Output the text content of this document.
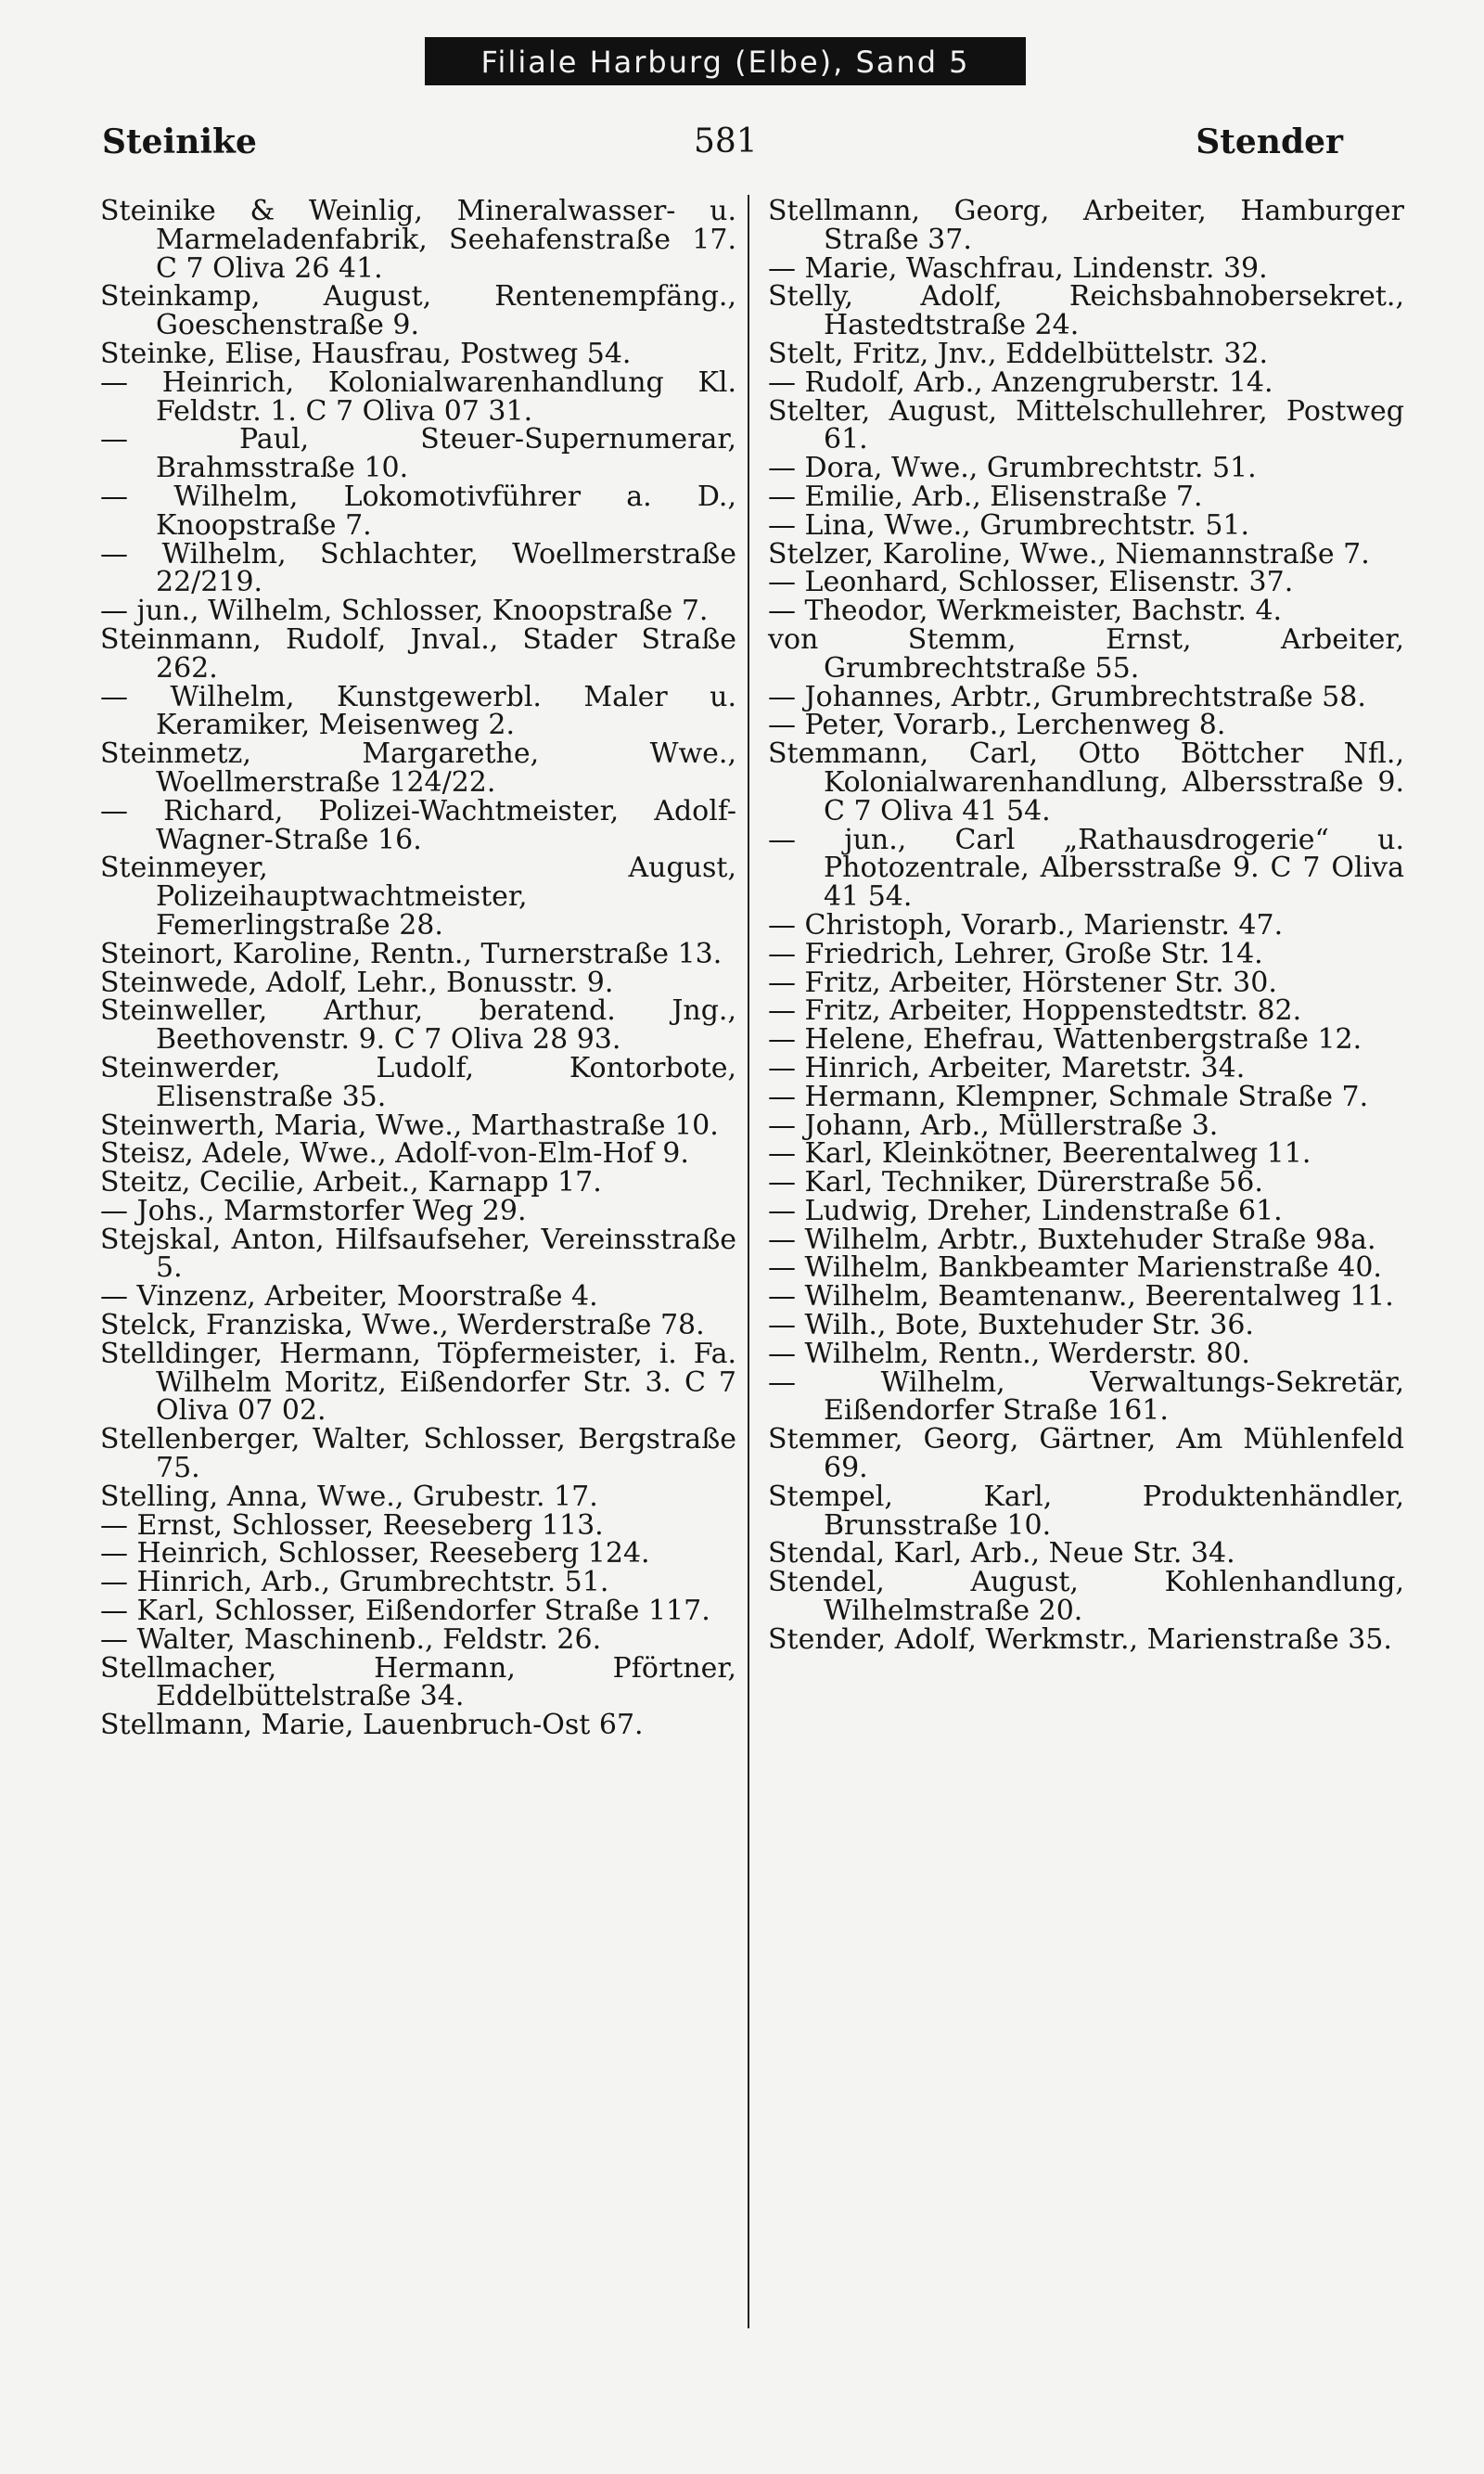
Filiale Harburg (Elbe), Sand 5
Steinike	581	Stender

Steinike & Weinlig, Mineralwasser- u. Marmeladenfabrik, Seehafenstraße 17. C 7 Oliva 26 41.

Steinkamp, August, Rentenempfäng., Goeschenstraße 9.

Steinke, Elise, Hausfrau, Postweg 54.

— Heinrich, Kolonialwarenhandlung Kl. Feldstr. 1. C 7 Oliva 07 31.

— Paul, Steuer-Supernumerar, Brahmsstraße 10.

— Wilhelm, Lokomotivführer a. D., Knoopstraße 7.

— Wilhelm, Schlachter, Woellmerstraße 22/219.

— jun., Wilhelm, Schlosser, Knoopstraße 7.

Steinmann, Rudolf, Jnval., Stader Straße 262.

— Wilhelm, Kunstgewerbl. Maler u. Keramiker, Meisenweg 2.

Steinmetz, Margarethe, Wwe., Woellmerstraße 124/22.

— Richard, Polizei-Wachtmeister, Adolf-Wagner-Straße 16.

Steinmeyer, August, Polizeihauptwachtmeister, Femerlingstraße 28.

Steinort, Karoline, Rentn., Turnerstraße 13.

Steinwede, Adolf, Lehr., Bonusstr. 9.

Steinweller, Arthur, beratend. Jng., Beethovenstr. 9. C 7 Oliva 28 93.

Steinwerder, Ludolf, Kontorbote, Elisenstraße 35.

Steinwerth, Maria, Wwe., Marthastraße 10.

Steisz, Adele, Wwe., Adolf-von-Elm-Hof 9.

Steitz, Cecilie, Arbeit., Karnapp 17.

— Johs., Marmstorfer Weg 29.

Stejskal, Anton, Hilfsaufseher, Vereinsstraße 5.

— Vinzenz, Arbeiter, Moorstraße 4.

Stelck, Franziska, Wwe., Werderstraße 78.

Stelldinger, Hermann, Töpfermeister, i. Fa. Wilhelm Moritz, Eißendorfer Str. 3. C 7 Oliva 07 02.

Stellenberger, Walter, Schlosser, Bergstraße 75.

Stelling, Anna, Wwe., Grubestr. 17.

— Ernst, Schlosser, Reeseberg 113.

— Heinrich, Schlosser, Reeseberg 124.

— Hinrich, Arb., Grumbrechtstr. 51.

— Karl, Schlosser, Eißendorfer Straße 117.

— Walter, Maschinenb., Feldstr. 26.

Stellmacher, Hermann, Pförtner, Eddelbüttelstraße 34.

Stellmann, Marie, Lauenbruch-Ost 67.

Stellmann, Georg, Arbeiter, Hamburger Straße 37.

— Marie, Waschfrau, Lindenstr. 39.

Stelly, Adolf, Reichsbahnobersekret., Hastedtstraße 24.

Stelt, Fritz, Jnv., Eddelbüttelstr. 32.

— Rudolf, Arb., Anzengruberstr. 14.

Stelter, August, Mittelschullehrer, Postweg 61.

— Dora, Wwe., Grumbrechtstr. 51.

— Emilie, Arb., Elisenstraße 7.

— Lina, Wwe., Grumbrechtstr. 51.

Stelzer, Karoline, Wwe., Niemannstraße 7.

— Leonhard, Schlosser, Elisenstr. 37.

— Theodor, Werkmeister, Bachstr. 4.

von Stemm, Ernst, Arbeiter, Grumbrechtstraße 55.

— Johannes, Arbtr., Grumbrechtstraße 58.

— Peter, Vorarb., Lerchenweg 8.

Stemmann, Carl, Otto Böttcher Nfl., Kolonialwarenhandlung, Albersstraße 9. C 7 Oliva 41 54.

— jun., Carl „Rathausdrogerie“ u. Photozentrale, Albersstraße 9. C 7 Oliva 41 54.

— Christoph, Vorarb., Marienstr. 47.

— Friedrich, Lehrer, Große Str. 14.

— Fritz, Arbeiter, Hörstener Str. 30.

— Fritz, Arbeiter, Hoppenstedtstr. 82.

— Helene, Ehefrau, Wattenbergstraße 12.

— Hinrich, Arbeiter, Maretstr. 34.

— Hermann, Klempner, Schmale Straße 7.

— Johann, Arb., Müllerstraße 3.

— Karl, Kleinkötner, Beerentalweg 11.

— Karl, Techniker, Dürerstraße 56.

— Ludwig, Dreher, Lindenstraße 61.

— Wilhelm, Arbtr., Buxtehuder Straße 98a.

— Wilhelm, Bankbeamter Marienstraße 40.

— Wilhelm, Beamtenanw., Beerentalweg 11.

— Wilh., Bote, Buxtehuder Str. 36.

— Wilhelm, Rentn., Werderstr. 80.

— Wilhelm, Verwaltungs-Sekretär, Eißendorfer Straße 161.

Stemmer, Georg, Gärtner, Am Mühlenfeld 69.

Stempel, Karl, Produktenhändler, Brunsstraße 10.

Stendal, Karl, Arb., Neue Str. 34.

Stendel, August, Kohlenhandlung, Wilhelmstraße 20.

Stender, Adolf, Werkmstr., Marienstraße 35.
